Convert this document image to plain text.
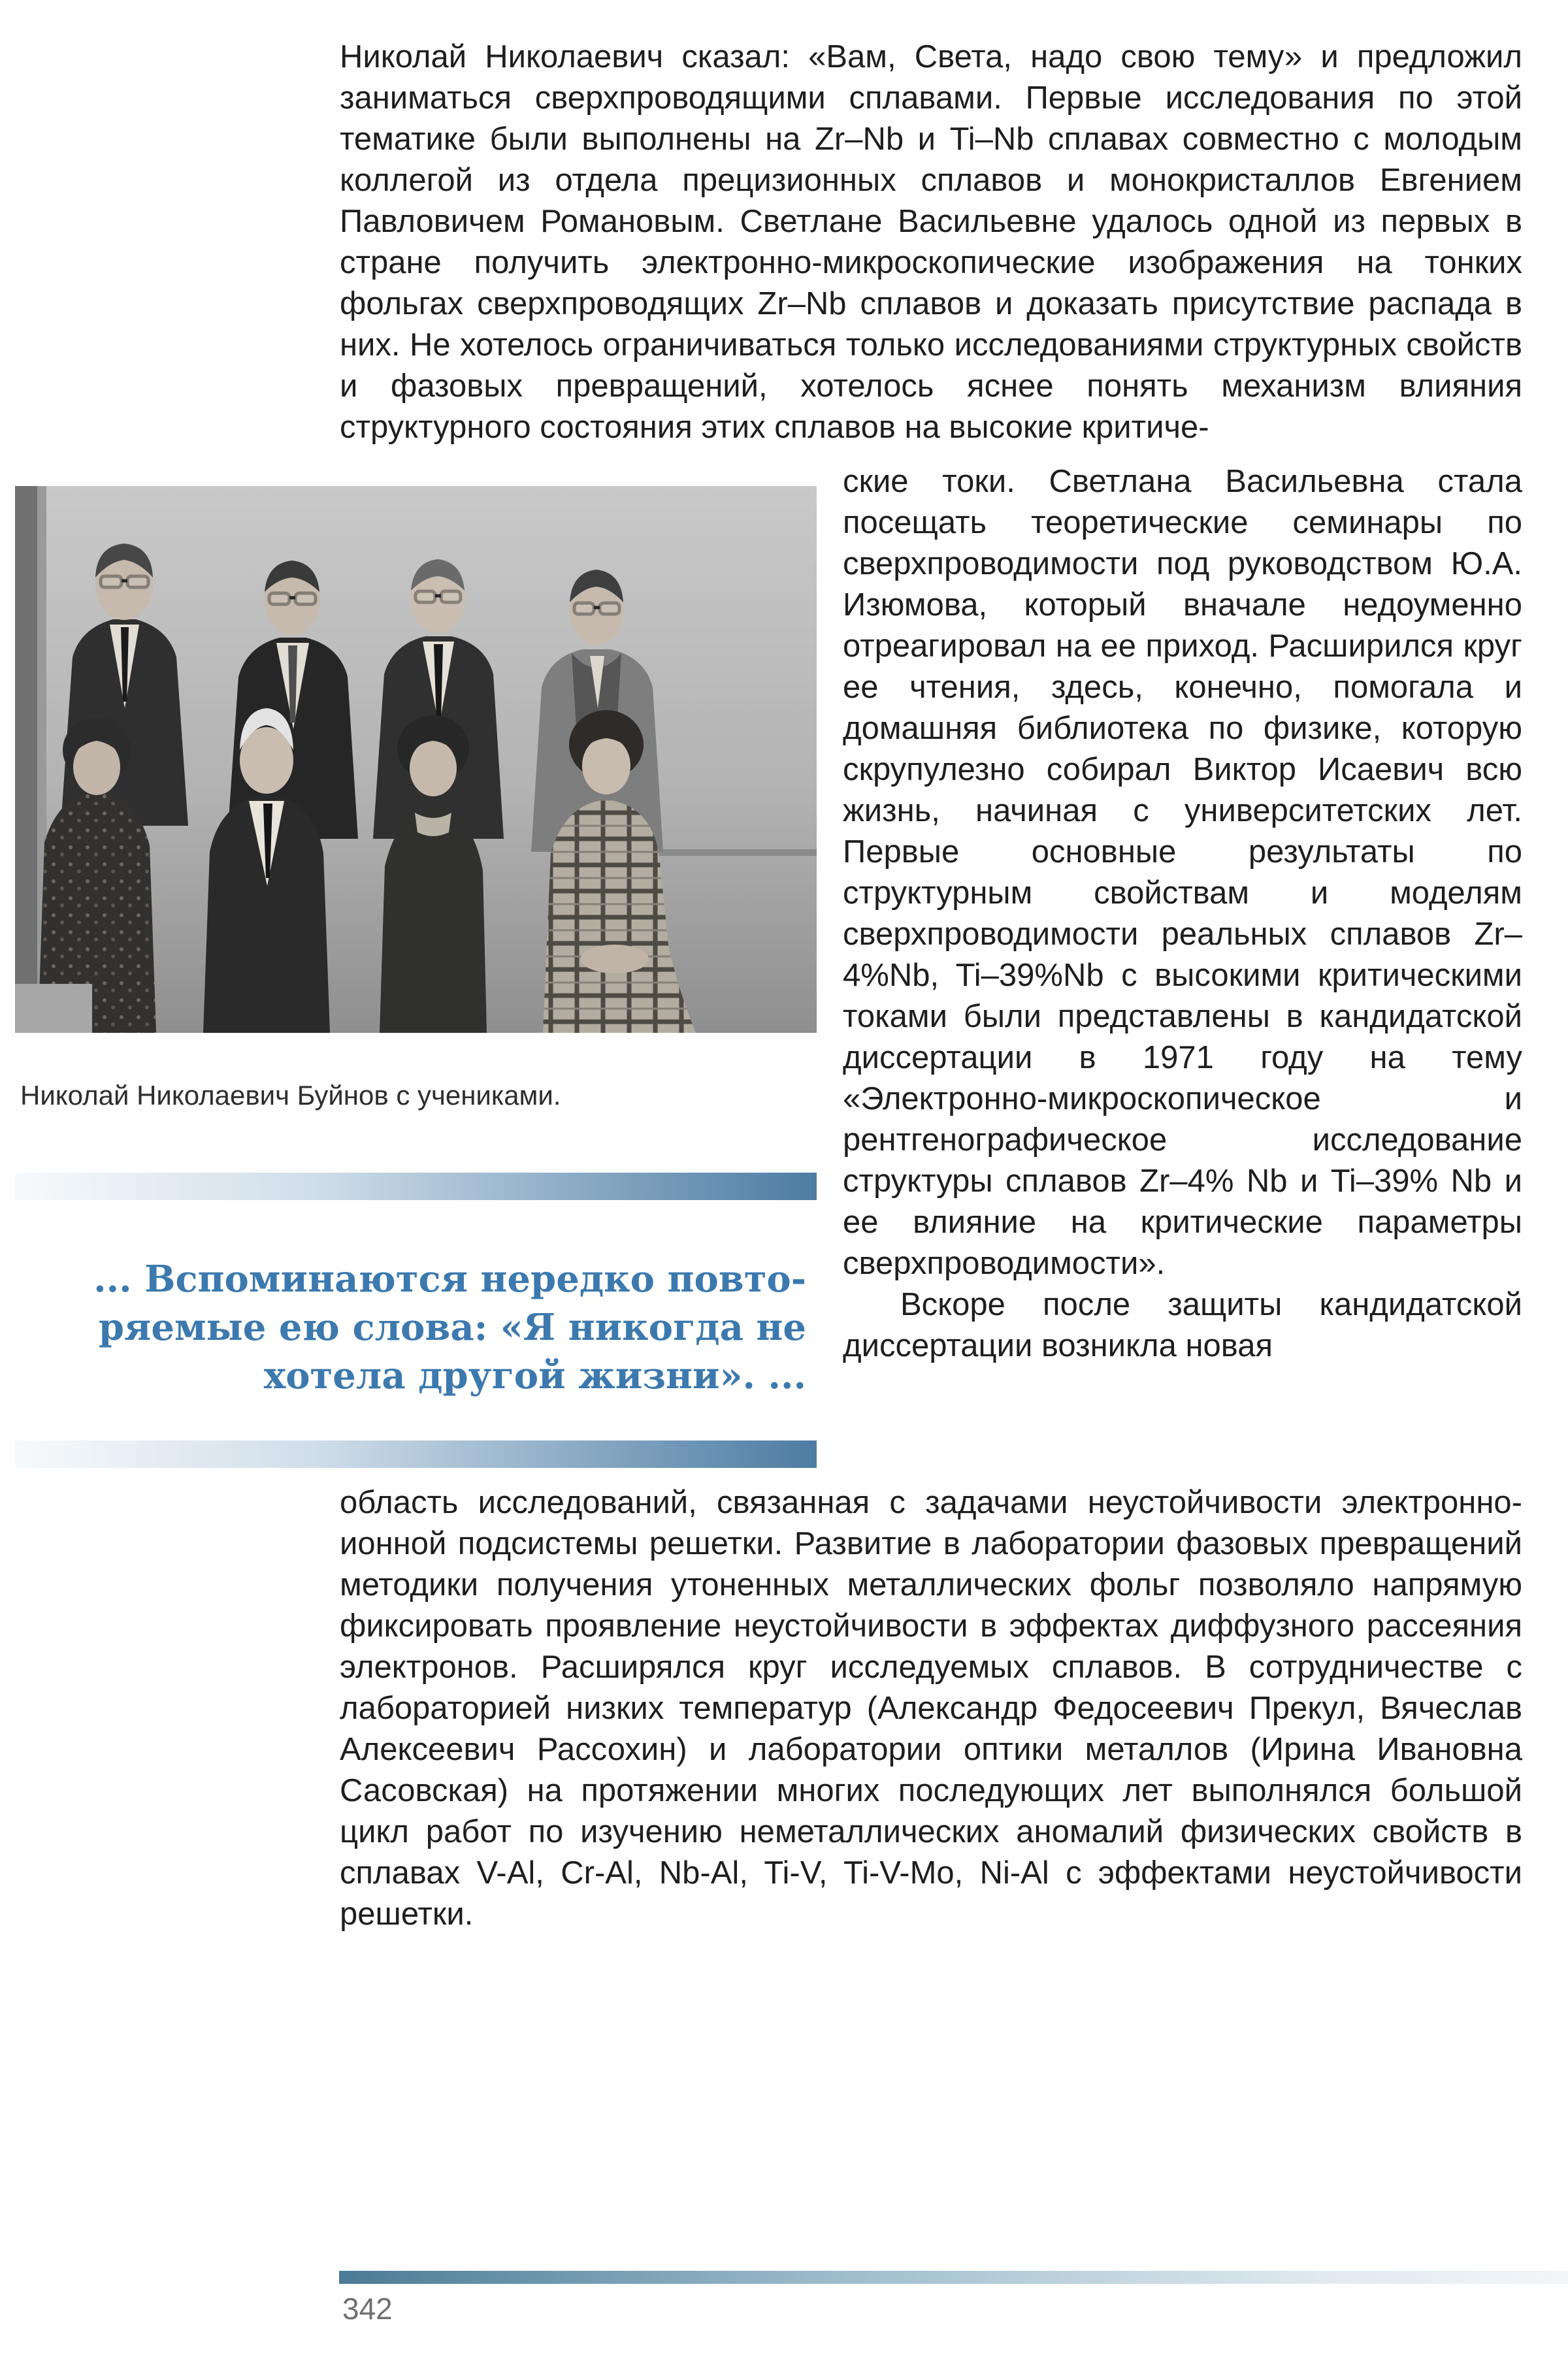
Николай Николаевич сказал: «Вам, Света, надо свою тему» и предложил заниматься сверхпроводящими сплавами. Первые исследования по этой тематике были выполнены на Zr–Nb и Ti–Nb сплавах совместно с молодым коллегой из отдела прецизионных сплавов и монокристаллов Евгением Павловичем Романовым. Светлане Васильевне удалось одной из первых в стране получить электронно-микроскопические изображения на тонких фольгах сверхпроводящих Zr–Nb сплавов и доказать присутствие распада в них. Не хотелось ограничиваться только исследованиями структурных свойств и фазовых превращений, хотелось яснее понять механизм влияния структурного состояния этих сплавов на высокие критиче-
Николай Николаевич Буйнов с учениками.
... Вспоминаются нередко повто-
ряемые ею слова: «Я никогда не
хотела другой жизни». ...

ские токи. Светлана Васильевна стала посещать теоретические семинары по сверхпроводимости под руководством Ю.А. Изюмова, который вначале недоуменно отреагировал на ее приход. Расширился круг ее чтения, здесь, конечно, помогала и домашняя библиотека по физике, которую скрупулезно собирал Виктор Исаевич всю жизнь, начиная с университетских лет. Первые основные результаты по структурным свойствам и моделям сверхпроводимости реальных сплавов Zr–4%Nb, Ti–39%Nb с высокими критическими токами были представлены в кандидатской диссертации в 1971 году на тему «Электронно-микроскопическое и рентгенографическое исследование структуры сплавов Zr–4% Nb и Ti–39% Nb и ее влияние на критические параметры сверхпроводимости».

Вскоре после защиты кандидатской диссертации возникла новая

область исследований, связанная с задачами неустойчивости электронно-ионной подсистемы решетки. Развитие в лаборатории фазовых превращений методики получения утоненных металлических фольг позволяло напрямую фиксировать проявление неустойчивости в эффектах диффузного рассеяния электронов. Расширялся круг исследуемых сплавов. В сотрудничестве с лабораторией низких температур (Александр Федосеевич Прекул, Вячеслав Алексеевич Рассохин) и лаборатории оптики металлов (Ирина Ивановна Сасовская) на протяжении многих последующих лет выполнялся большой цикл работ по изучению неметаллических аномалий физических свойств в сплавах V-Al, Cr-Al, Nb-Al, Ti-V, Ti-V-Mo, Ni-Al с эффектами неустойчивости решетки.
342
